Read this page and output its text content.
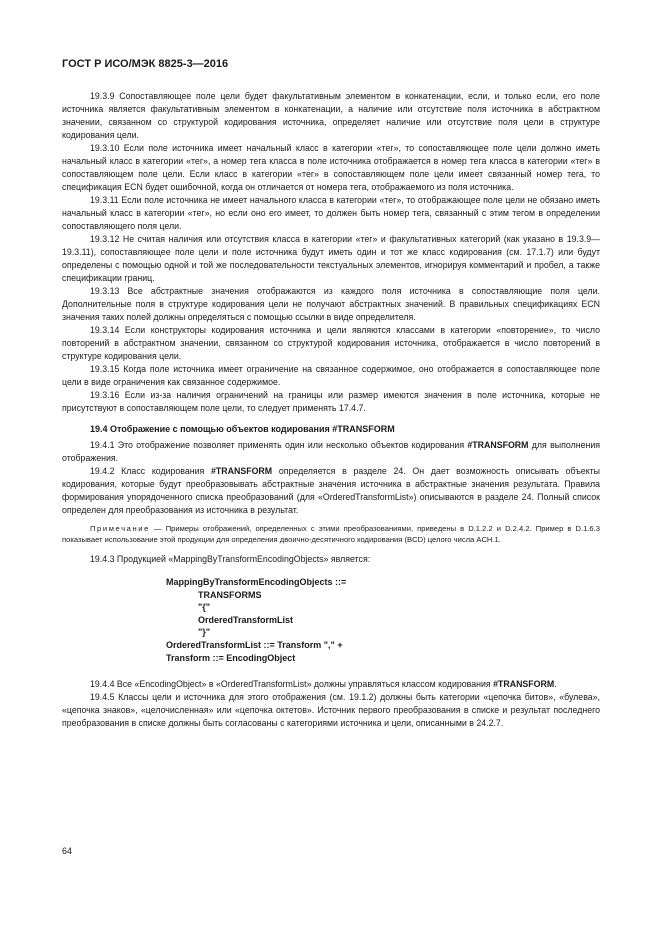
ГОСТ Р ИСО/МЭК 8825-3—2016

19.3.9 Сопоставляющее поле цели будет факультативным элементом в конкатенации, если, и только если, его поле источника является факультативным элементом в конкатенации, а наличие или отсутствие поля источника в абстрактном значении, связанном со структурой кодирования источника, определяет наличие или отсутствие поля цели в структуре кодирования цели.

19.3.10 Если поле источника имеет начальный класс в категории «тег», то сопоставляющее поле цели должно иметь начальный класс в категории «тег», а номер тега класса в поле источника отображается в номер тега класса в категории «тег» в сопоставляющем поле цели. Если класс в категории «тег» в сопоставляющем поле цели имеет связанный номер тега, то спецификация ECN будет ошибочной, когда он отличается от номера тега, отображаемого из поля источника.

19.3.11 Если поле источника не имеет начального класса в категории «тег», то отображающее поле цели не обязано иметь начальный класс в категории «тег», но если оно его имеет, то должен быть номер тега, связанный с этим тегом в определении сопоставляющего поля цели.

19.3.12 Не считая наличия или отсутствия класса в категории «тег» и факультативных категорий (как указано в 19.3.9—19.3.11), сопоставляющее поле цели и поле источника будут иметь один и тот же класс кодирования (см. 17.1.7) или будут определены с помощью одной и той же последовательности текстуальных элементов, игнорируя комментарий и пробел, а также спецификации границ.

19.3.13 Все абстрактные значения отображаются из каждого поля источника в сопоставляющие поля цели. Дополнительные поля в структуре кодирования цели не получают абстрактных значений. В правильных спецификациях ECN значения таких полей должны определяться с помощью ссылки в виде определителя.

19.3.14 Если конструкторы кодирования источника и цели являются классами в категории «повторение», то число повторений в абстрактном значении, связанном со структурой кодирования источника, отображается в число повторений в структуре кодирования цели.

19.3.15 Когда поле источника имеет ограничение на связанное содержимое, оно отображается в сопоставляющее поле цели в виде ограничения как связанное содержимое.

19.3.16 Если из-за наличия ограничений на границы или размер имеются значения в поле источника, которые не присутствуют в сопоставляющем поле цели, то следует применять 17.4.7.

19.4 Отображение с помощью объектов кодирования #TRANSFORM

19.4.1 Это отображение позволяет применять один или несколько объектов кодирования #TRANSFORM для выполнения отображения.

19.4.2 Класс кодирования #TRANSFORM определяется в разделе 24. Он дает возможность описывать объекты кодирования, которые будут преобразовывать абстрактные значения источника в абстрактные значения результата. Правила формирования упорядоченного списка преобразований (для «OrderedTransformList») описываются в разделе 24. Полный список определен для преобразования из источника в результат.

Примечание — Примеры отображений, определенных с этими преобразованиями, приведены в D.1.2.2 и D.2.4.2. Пример в D.1.6.3 показывает использование этой продукции для определения двоично-десятичного кодирования (BCD) целого числа ACH.1.

19.4.3 Продукцией «MappingByTransformEncodingObjects» является:

MappingByTransformEncodingObjects ::=
TRANSFORMS
"{"
OrderedTransformList
"}"
OrderedTransformList ::= Transform "," +
Transform ::= EncodingObject

19.4.4 Все «EncodingObject» в «OrderedTransformList» должны управляться классом кодирования #TRANSFORM.

19.4.5 Классы цели и источника для этого отображения (см. 19.1.2) должны быть категории «цепочка битов», «булева», «цепочка знаков», «целочисленная» или «цепочка октетов». Источник первого преобразования в списке и результат последнего преобразования в списке должны быть согласованы с категориями источника и цели, описанными в 24.2.7.

64
